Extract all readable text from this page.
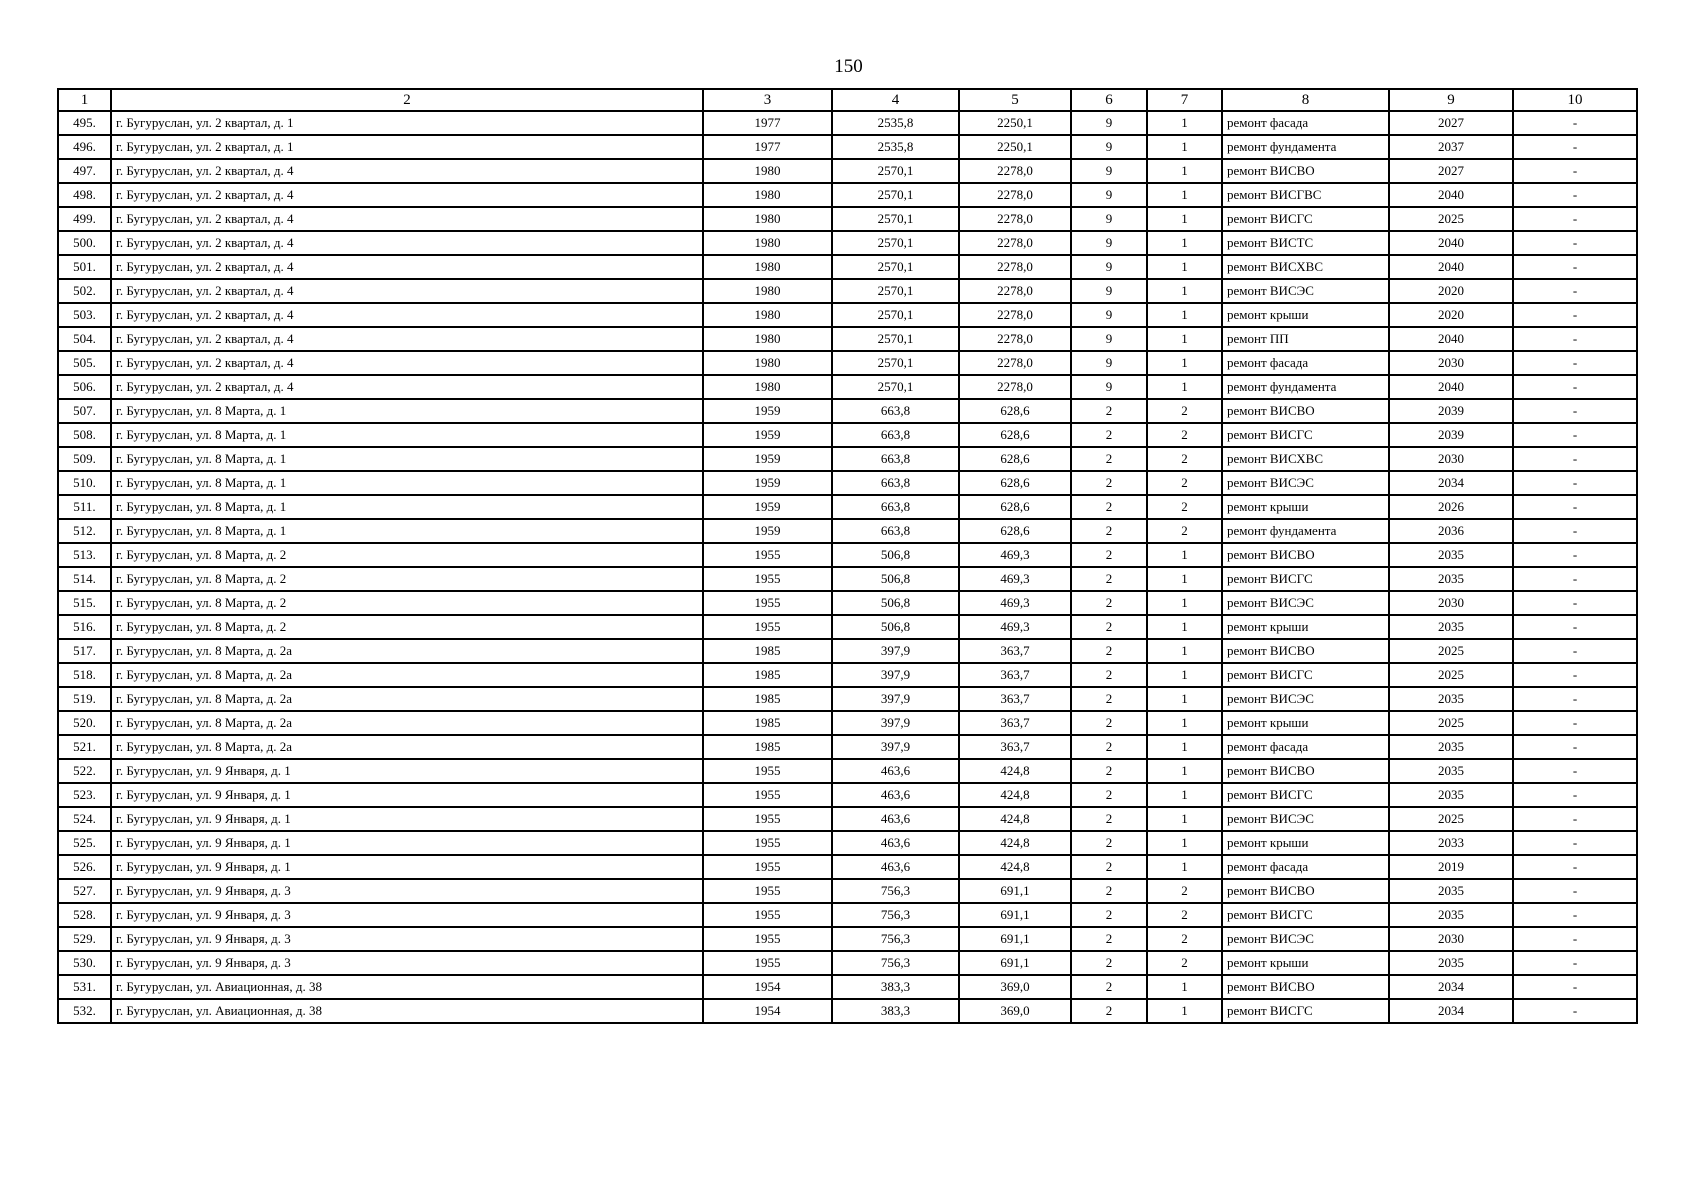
150
1	2	3	4	5	6	7	8	9	10
495.	г. Бугуруслан, ул. 2 квартал, д. 1	1977	2535,8	2250,1	9	1	ремонт фасада	2027	-
496.	г. Бугуруслан, ул. 2 квартал, д. 1	1977	2535,8	2250,1	9	1	ремонт фундамента	2037	-
497.	г. Бугуруслан, ул. 2 квартал, д. 4	1980	2570,1	2278,0	9	1	ремонт ВИСВО	2027	-
498.	г. Бугуруслан, ул. 2 квартал, д. 4	1980	2570,1	2278,0	9	1	ремонт ВИСГВС	2040	-
499.	г. Бугуруслан, ул. 2 квартал, д. 4	1980	2570,1	2278,0	9	1	ремонт ВИСГС	2025	-
500.	г. Бугуруслан, ул. 2 квартал, д. 4	1980	2570,1	2278,0	9	1	ремонт ВИСТС	2040	-
501.	г. Бугуруслан, ул. 2 квартал, д. 4	1980	2570,1	2278,0	9	1	ремонт ВИСХВС	2040	-
502.	г. Бугуруслан, ул. 2 квартал, д. 4	1980	2570,1	2278,0	9	1	ремонт ВИСЭС	2020	-
503.	г. Бугуруслан, ул. 2 квартал, д. 4	1980	2570,1	2278,0	9	1	ремонт крыши	2020	-
504.	г. Бугуруслан, ул. 2 квартал, д. 4	1980	2570,1	2278,0	9	1	ремонт ПП	2040	-
505.	г. Бугуруслан, ул. 2 квартал, д. 4	1980	2570,1	2278,0	9	1	ремонт фасада	2030	-
506.	г. Бугуруслан, ул. 2 квартал, д. 4	1980	2570,1	2278,0	9	1	ремонт фундамента	2040	-
507.	г. Бугуруслан, ул. 8 Марта, д. 1	1959	663,8	628,6	2	2	ремонт ВИСВО	2039	-
508.	г. Бугуруслан, ул. 8 Марта, д. 1	1959	663,8	628,6	2	2	ремонт ВИСГС	2039	-
509.	г. Бугуруслан, ул. 8 Марта, д. 1	1959	663,8	628,6	2	2	ремонт ВИСХВС	2030	-
510.	г. Бугуруслан, ул. 8 Марта, д. 1	1959	663,8	628,6	2	2	ремонт ВИСЭС	2034	-
511.	г. Бугуруслан, ул. 8 Марта, д. 1	1959	663,8	628,6	2	2	ремонт крыши	2026	-
512.	г. Бугуруслан, ул. 8 Марта, д. 1	1959	663,8	628,6	2	2	ремонт фундамента	2036	-
513.	г. Бугуруслан, ул. 8 Марта, д. 2	1955	506,8	469,3	2	1	ремонт ВИСВО	2035	-
514.	г. Бугуруслан, ул. 8 Марта, д. 2	1955	506,8	469,3	2	1	ремонт ВИСГС	2035	-
515.	г. Бугуруслан, ул. 8 Марта, д. 2	1955	506,8	469,3	2	1	ремонт ВИСЭС	2030	-
516.	г. Бугуруслан, ул. 8 Марта, д. 2	1955	506,8	469,3	2	1	ремонт крыши	2035	-
517.	г. Бугуруслан, ул. 8 Марта, д. 2а	1985	397,9	363,7	2	1	ремонт ВИСВО	2025	-
518.	г. Бугуруслан, ул. 8 Марта, д. 2а	1985	397,9	363,7	2	1	ремонт ВИСГС	2025	-
519.	г. Бугуруслан, ул. 8 Марта, д. 2а	1985	397,9	363,7	2	1	ремонт ВИСЭС	2035	-
520.	г. Бугуруслан, ул. 8 Марта, д. 2а	1985	397,9	363,7	2	1	ремонт крыши	2025	-
521.	г. Бугуруслан, ул. 8 Марта, д. 2а	1985	397,9	363,7	2	1	ремонт фасада	2035	-
522.	г. Бугуруслан, ул. 9 Января, д. 1	1955	463,6	424,8	2	1	ремонт ВИСВО	2035	-
523.	г. Бугуруслан, ул. 9 Января, д. 1	1955	463,6	424,8	2	1	ремонт ВИСГС	2035	-
524.	г. Бугуруслан, ул. 9 Января, д. 1	1955	463,6	424,8	2	1	ремонт ВИСЭС	2025	-
525.	г. Бугуруслан, ул. 9 Января, д. 1	1955	463,6	424,8	2	1	ремонт крыши	2033	-
526.	г. Бугуруслан, ул. 9 Января, д. 1	1955	463,6	424,8	2	1	ремонт фасада	2019	-
527.	г. Бугуруслан, ул. 9 Января, д. 3	1955	756,3	691,1	2	2	ремонт ВИСВО	2035	-
528.	г. Бугуруслан, ул. 9 Января, д. 3	1955	756,3	691,1	2	2	ремонт ВИСГС	2035	-
529.	г. Бугуруслан, ул. 9 Января, д. 3	1955	756,3	691,1	2	2	ремонт ВИСЭС	2030	-
530.	г. Бугуруслан, ул. 9 Января, д. 3	1955	756,3	691,1	2	2	ремонт крыши	2035	-
531.	г. Бугуруслан, ул. Авиационная, д. 38	1954	383,3	369,0	2	1	ремонт ВИСВО	2034	-
532.	г. Бугуруслан, ул. Авиационная, д. 38	1954	383,3	369,0	2	1	ремонт ВИСГС	2034	-
